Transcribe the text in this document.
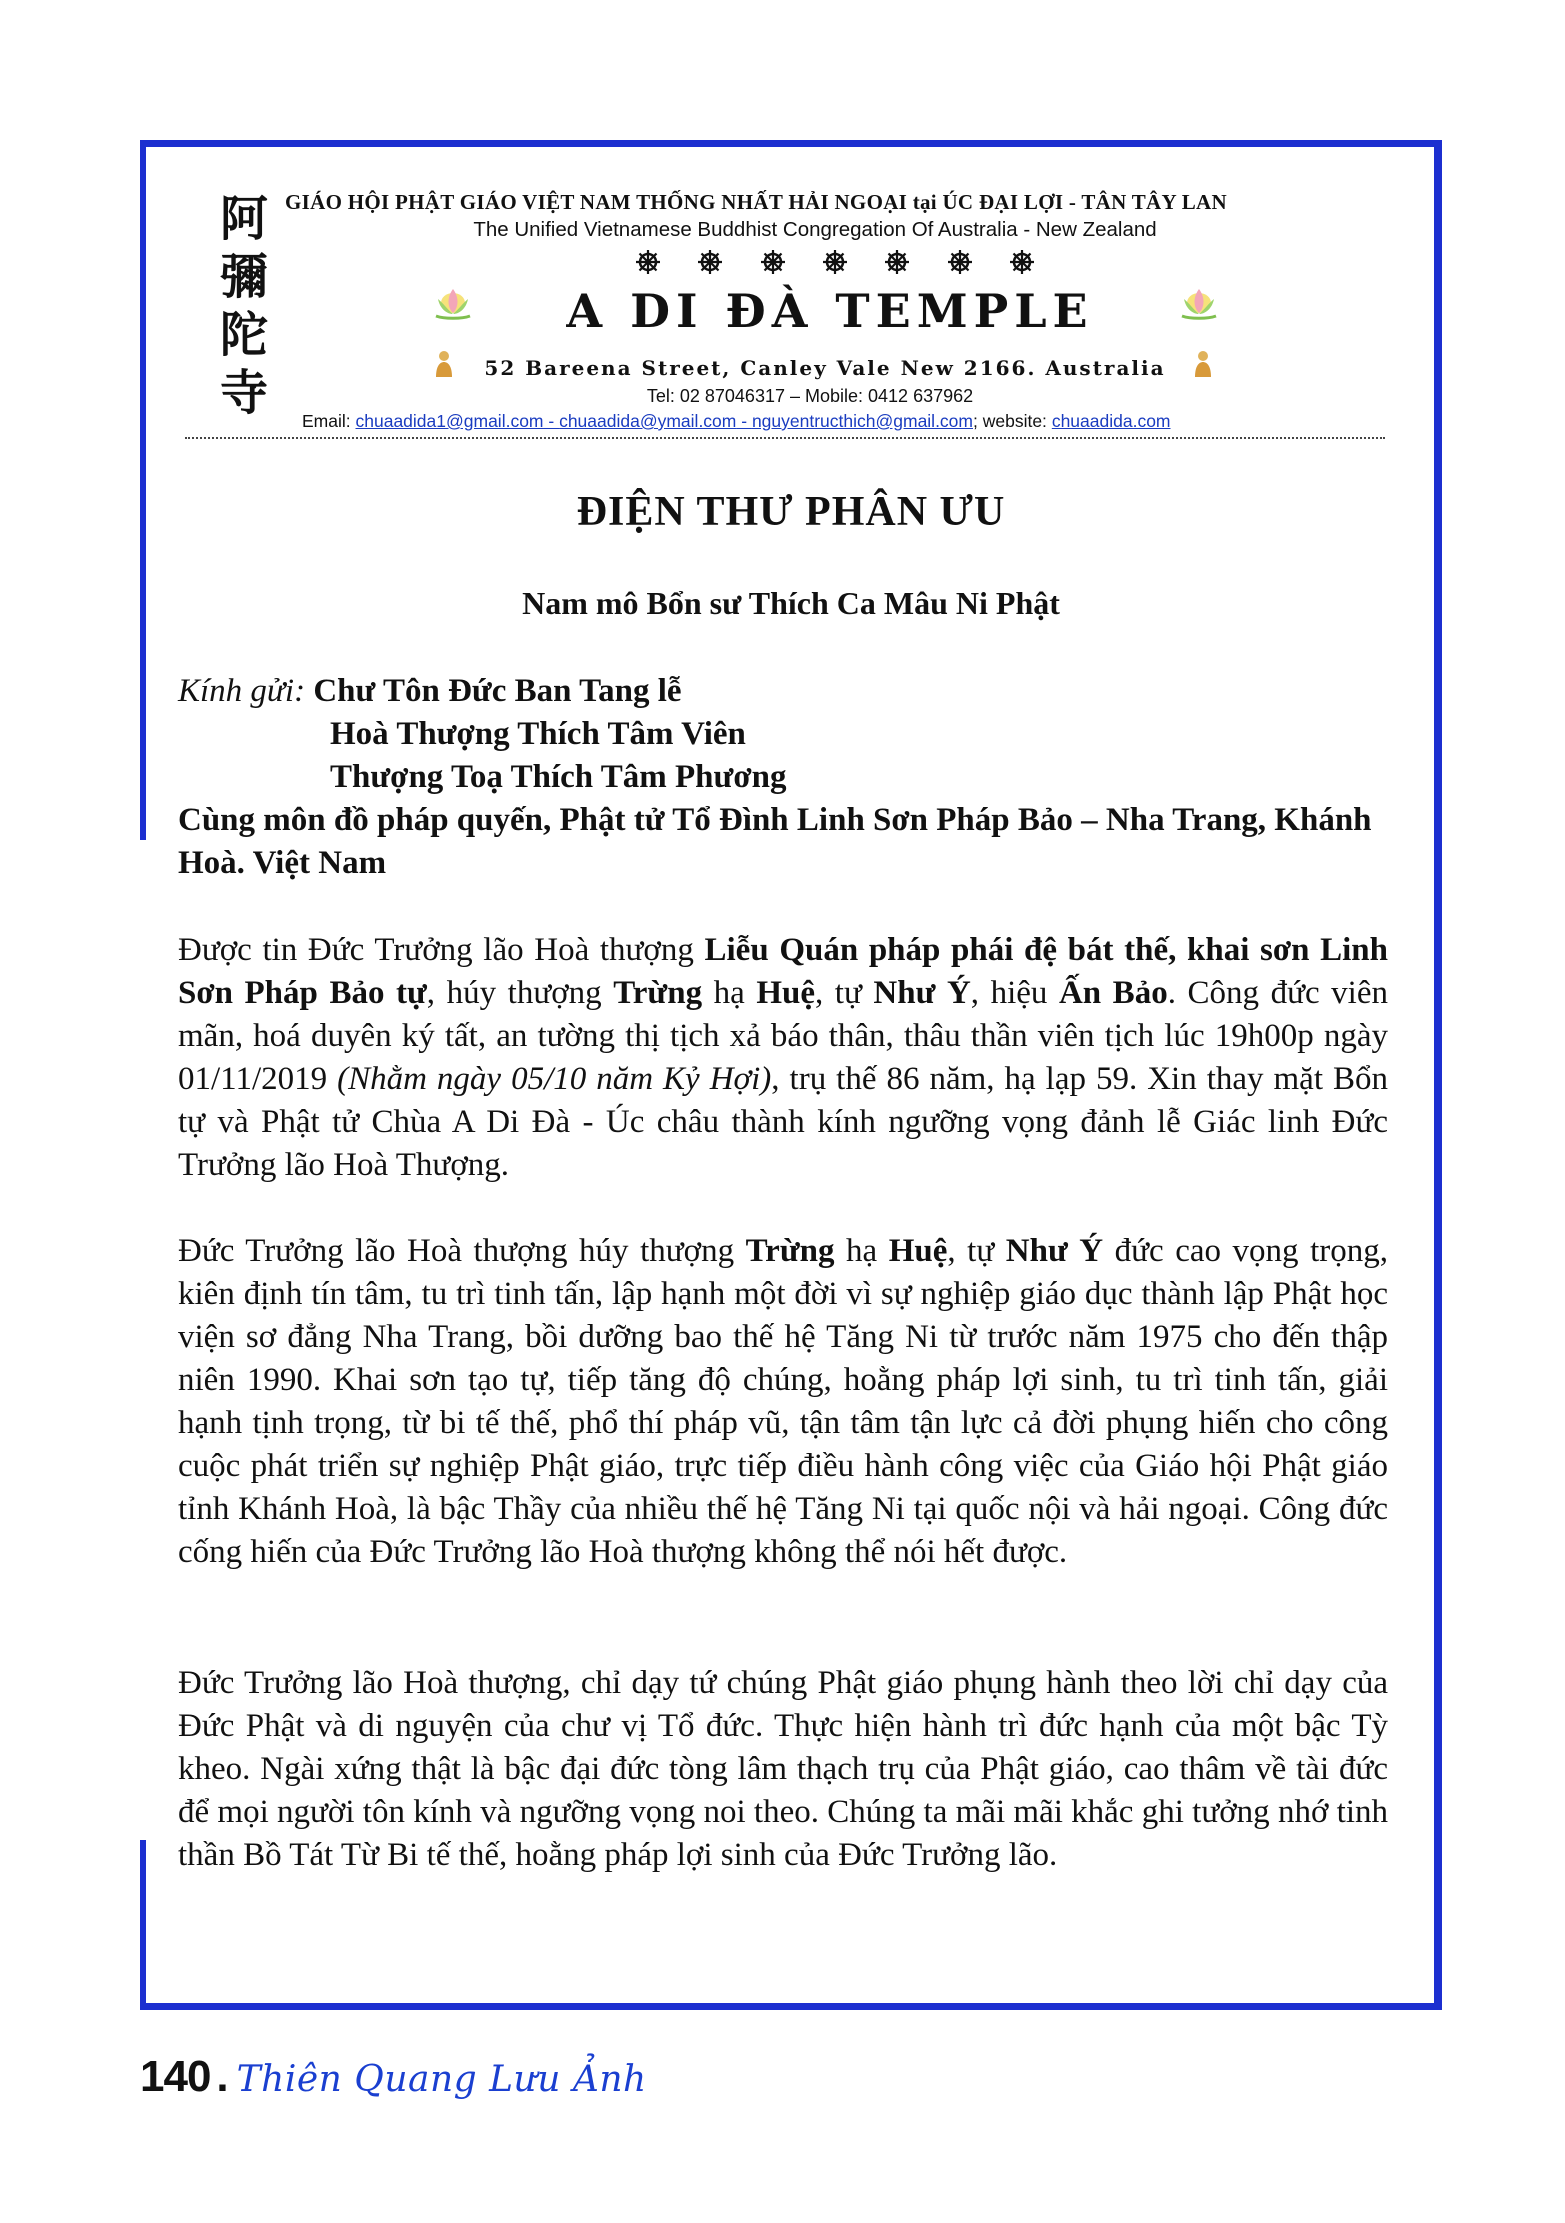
阿
彌
陀
寺
GIÁO HỘI PHẬT GIÁO VIỆT NAM THỐNG NHẤT HẢI NGOẠI tại ÚC ĐẠI LỢI - TÂN TÂY LAN
The Unified Vietnamese Buddhist Congregation Of Australia - New Zealand
A DI ĐÀ TEMPLE
52 Bareena Street, Canley Vale New 2166. Australia
Tel: 02 87046317 – Mobile: 0412 637962
Email: chuaadida1@gmail.com - chuaadida@ymail.com - nguyentructhich@gmail.com; website: chuaadida.com
ĐIỆN THƯ PHÂN ƯU
Nam mô Bổn sư Thích Ca Mâu Ni Phật
Kính gửi: Chư Tôn Đức Ban Tang lễ
Hoà Thượng Thích Tâm Viên
Thượng Toạ Thích Tâm Phương
Cùng môn đồ pháp quyến, Phật tử Tổ Đình Linh Sơn Pháp Bảo – Nha Trang, Khánh Hoà. Việt Nam
Được tin Đức Trưởng lão Hoà thượng Liễu Quán pháp phái đệ bát thế, khai sơn Linh Sơn Pháp Bảo tự, húy thượng Trừng hạ Huệ, tự Như Ý, hiệu Ấn Bảo. Công đức viên mãn, hoá duyên ký tất, an tường thị tịch xả báo thân, thâu thần viên tịch lúc 19h00p ngày 01/11/2019 (Nhằm ngày 05/10 năm Kỷ Hợi), trụ thế 86 năm, hạ lạp 59. Xin thay mặt Bổn tự và Phật tử Chùa A Di Đà - Úc châu thành kính ngưỡng vọng đảnh lễ Giác linh Đức Trưởng lão Hoà Thượng.
Đức Trưởng lão Hoà thượng húy thượng Trừng hạ Huệ, tự Như Ý đức cao vọng trọng, kiên định tín tâm, tu trì tinh tấn, lập hạnh một đời vì sự nghiệp giáo dục thành lập Phật học viện sơ đẳng Nha Trang, bồi dưỡng bao thế hệ Tăng Ni từ trước năm 1975 cho đến thập niên 1990. Khai sơn tạo tự, tiếp tăng độ chúng, hoằng pháp lợi sinh, tu trì tinh tấn, giải hạnh tịnh trọng, từ bi tế thế, phổ thí pháp vũ, tận tâm tận lực cả đời phụng hiến cho công cuộc phát triển sự nghiệp Phật giáo, trực tiếp điều hành công việc của Giáo hội Phật giáo tỉnh Khánh Hoà, là bậc Thầy của nhiều thế hệ Tăng Ni tại quốc nội và hải ngoại. Công đức cống hiến của Đức Trưởng lão Hoà thượng không thể nói hết được.
Đức Trưởng lão Hoà thượng, chỉ dạy tứ chúng Phật giáo phụng hành theo lời chỉ dạy của Đức Phật và di nguyện của chư vị Tổ đức. Thực hiện hành trì đức hạnh của một bậc Tỳ kheo. Ngài xứng thật là bậc đại đức tòng lâm thạch trụ của Phật giáo, cao thâm về tài đức để mọi người tôn kính và ngưỡng vọng noi theo. Chúng ta mãi mãi khắc ghi tưởng nhớ tinh thần Bồ Tát Từ Bi tế thế, hoằng pháp lợi sinh của Đức Trưởng lão.
140 . Thiên Quang Lưu Ảnh
